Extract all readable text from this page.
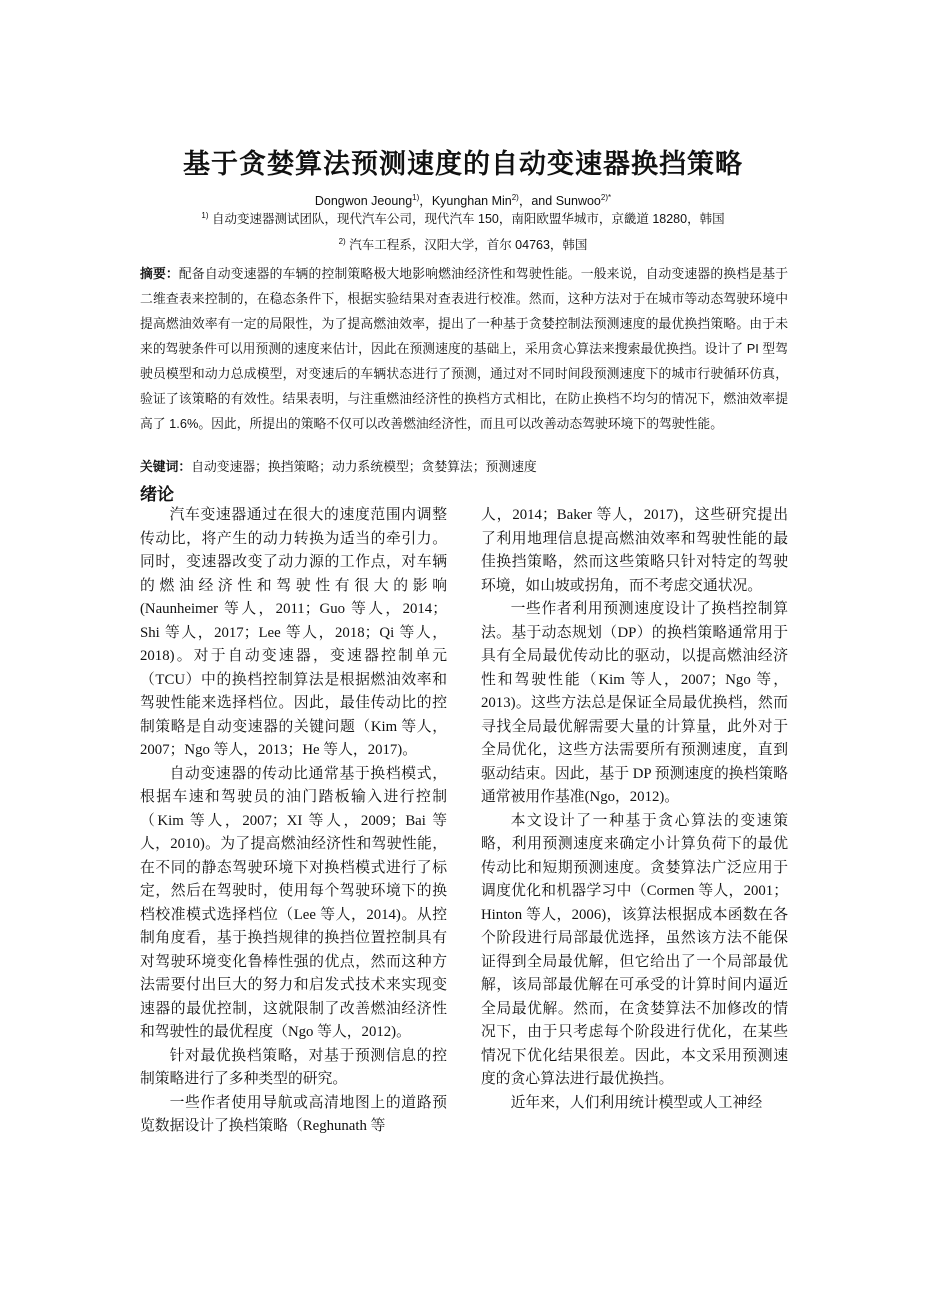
基于贪婪算法预测速度的自动变速器换挡策略

Dongwon Jeoung$^{1)}$，Kyunghan Min$^{2)}$，and Sunwoo$^{2)*}$

$^{1)}$ 自动变速器测试团队，现代汽车公司，现代汽车 150，南阳欧盟华城市，京畿道 18280，韩国

$^{2)}$ 汽车工程系，汉阳大学，首尔 04763，韩国

摘要：配备自动变速器的车辆的控制策略极大地影响燃油经济性和驾驶性能。一般来说，自动变速器的换档是基于二维查表来控制的，在稳态条件下，根据实验结果对查表进行校准。然而，这种方法对于在城市等动态驾驶环境中提高燃油效率有一定的局限性，为了提高燃油效率，提出了一种基于贪婪控制法预测速度的最优换挡策略。由于未来的驾驶条件可以用预测的速度来估计，因此在预测速度的基础上，采用贪心算法来搜索最优换挡。设计了 PI 型驾驶员模型和动力总成模型，对变速后的车辆状态进行了预测，通过对不同时间段预测速度下的城市行驶循环仿真，验证了该策略的有效性。结果表明，与注重燃油经济性的换档方式相比，在防止换档不均匀的情况下，燃油效率提高了 1.6%。因此，所提出的策略不仅可以改善燃油经济性，而且可以改善动态驾驶环境下的驾驶性能。

关键词：自动变速器；换挡策略；动力系统模型；贪婪算法；预测速度

绪论

汽车变速器通过在很大的速度范围内调整传动比，将产生的动力转换为适当的牵引力。同时，变速器改变了动力源的工作点，对车辆的燃油经济性和驾驶性有很大的影响(Naunheimer 等人，2011；Guo 等人，2014；Shi 等人，2017；Lee 等人，2018；Qi 等人，2018)。对于自动变速器，变速器控制单元（TCU）中的换档控制算法是根据燃油效率和驾驶性能来选择档位。因此，最佳传动比的控制策略是自动变速器的关键问题（Kim 等人，2007；Ngo 等人，2013；He 等人，2017)。

自动变速器的传动比通常基于换档模式，根据车速和驾驶员的油门踏板输入进行控制（Kim 等人，2007；XI 等人，2009；Bai 等人，2010)。为了提高燃油经济性和驾驶性能，在不同的静态驾驶环境下对换档模式进行了标定，然后在驾驶时，使用每个驾驶环境下的换档校准模式选择档位（Lee 等人，2014)。从控制角度看，基于换挡规律的换挡位置控制具有对驾驶环境变化鲁棒性强的优点，然而这种方法需要付出巨大的努力和启发式技术来实现变速器的最优控制，这就限制了改善燃油经济性和驾驶性的最优程度（Ngo 等人，2012)。

针对最优换档策略，对基于预测信息的控制策略进行了多种类型的研究。

一些作者使用导航或高清地图上的道路预览数据设计了换档策略（Reghunath 等

人，2014；Baker 等人，2017)，这些研究提出了利用地理信息提高燃油效率和驾驶性能的最佳换挡策略，然而这些策略只针对特定的驾驶环境，如山坡或拐角，而不考虑交通状况。

一些作者利用预测速度设计了换档控制算法。基于动态规划（DP）的换档策略通常用于具有全局最优传动比的驱动，以提高燃油经济性和驾驶性能（Kim 等人，2007；Ngo 等，2013)。这些方法总是保证全局最优换档，然而寻找全局最优解需要大量的计算量，此外对于全局优化，这些方法需要所有预测速度，直到驱动结束。因此，基于 DP 预测速度的换档策略通常被用作基准(Ngo，2012)。

本文设计了一种基于贪心算法的变速策略，利用预测速度来确定小计算负荷下的最优传动比和短期预测速度。贪婪算法广泛应用于调度优化和机器学习中（Cormen 等人，2001；Hinton 等人，2006)，该算法根据成本函数在各个阶段进行局部最优选择，虽然该方法不能保证得到全局最优解，但它给出了一个局部最优解，该局部最优解在可承受的计算时间内逼近全局最优解。然而，在贪婪算法不加修改的情况下，由于只考虑每个阶段进行优化，在某些情况下优化结果很差。因此，本文采用预测速度的贪心算法进行最优换挡。

近年来，人们利用统计模型或人工神经
